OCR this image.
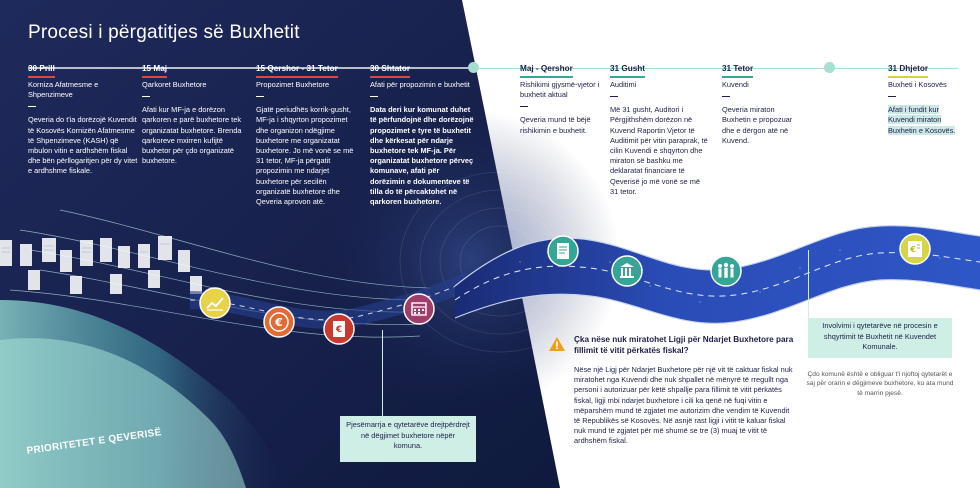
Procesi i përgatitjes së Buxhetit
30 Prill
Korniza Afatmesme e Shpenzimeve
Qeveria do t'ia dorëzojë Kuvendit të Kosovës Kornizën Afatmesme të Shpenzimeve (KASH) që mbulon vitin e ardhshëm fiskal dhe bën përllogaritjen për dy vitet e ardhshme fiskale.
15 Maj
Qarkoret Buxhetore
Afati kur MF-ja e dorëzon qarkoren e parë buxhetore tek organizatat buxhetore. Brenda qarkoreve mxirren kufijtë buxhetor për çdo organizatë buxhetore.
15 Qershor - 31 Tetor
Propozimet Buxhetore
Gjatë periudhës korrik-gusht, MF-ja i shqyrton propozimet dhe organizon ndëgjime buxhetore me organizatat buxhetore. Jo më vonë se më 31 tetor, MF-ja përgatit propozimin me ndarjet buxhetore për secilën organizatë buxhetore dhe Qeveria aprovon atë.
30 Shtator
Afati për propozimin e buxhetit
Data deri kur komunat duhet të përfundojnë dhe dorëzojnë propozimet e tyre të buxhetit dhe kërkesat për ndarje buxhetore tek MF-ja. Për organizatat buxhetore përveç komunave, afati për dorëzimin e dokumenteve të tilla do të përcaktohet në qarkoren buxhetore.
Maj - Qershor
Rishikimi gjysmë-vjetor i buxhetit aktual
Qeveria mund të bëjë rishikimin e buxhetit.
31 Gusht
Auditimi
Më 31 gusht, Auditori i Përgjithshëm dorëzon në Kuvend Raportin Vjetor të Auditimit për vitin paraprak, të cilin Kuvendi e shqyrton dhe miraton së bashku me deklaratat financiare të Qeverisë jo më vonë se më 31 tetor.
31 Tetor
Kuvendi
Qeveria miraton Buxhetin e propozuar dhe e dërgon atë në Kuvend.
31 Dhjetor
Buxheti i Kosovës
Afati i fundit kur Kuvendi miraton Buxhetin e Kosovës.
€
€
€
Pjesëmarrja e qytetarëve drejtpërdrejt në dëgjimet buxhetore nëpër komuna.
Involvimi i qytetarëve në procesin e shqyrtimit të Buxhetit në Kuvendet Komunale.
Çka nëse nuk miratohet Ligji për Ndarjet Buxhetore para fillimit të vitit përkatës fiskal?
Nëse një Ligj për Ndarjet Buxhetore për një vit të caktuar fiskal nuk miratohet nga Kuvendi dhe nuk shpallet në mënyrë të rregullt nga personi i autorizuar për këtë shpallje para fillimit të vitit përkatës fiskal, ligji mbi ndarjet buxhetore i cili ka qenë në fuqi vitin e mëparshëm mund të zgjatet me autorizim dhe vendim të Kuvendit të Republikës së Kosovës. Në asnjë rast ligji i vitit të kaluar fiskal nuk mund të zgjatet për më shumë se tre (3) muaj të vitit të ardhshëm fiskal.
Çdo komunë është e obliguar t'i njoftoj qytetarët e saj për orarin e dëgjimeve buxhetore, ku ata mund të marrin pjesë.
PRIORITETET E QEVERISË
